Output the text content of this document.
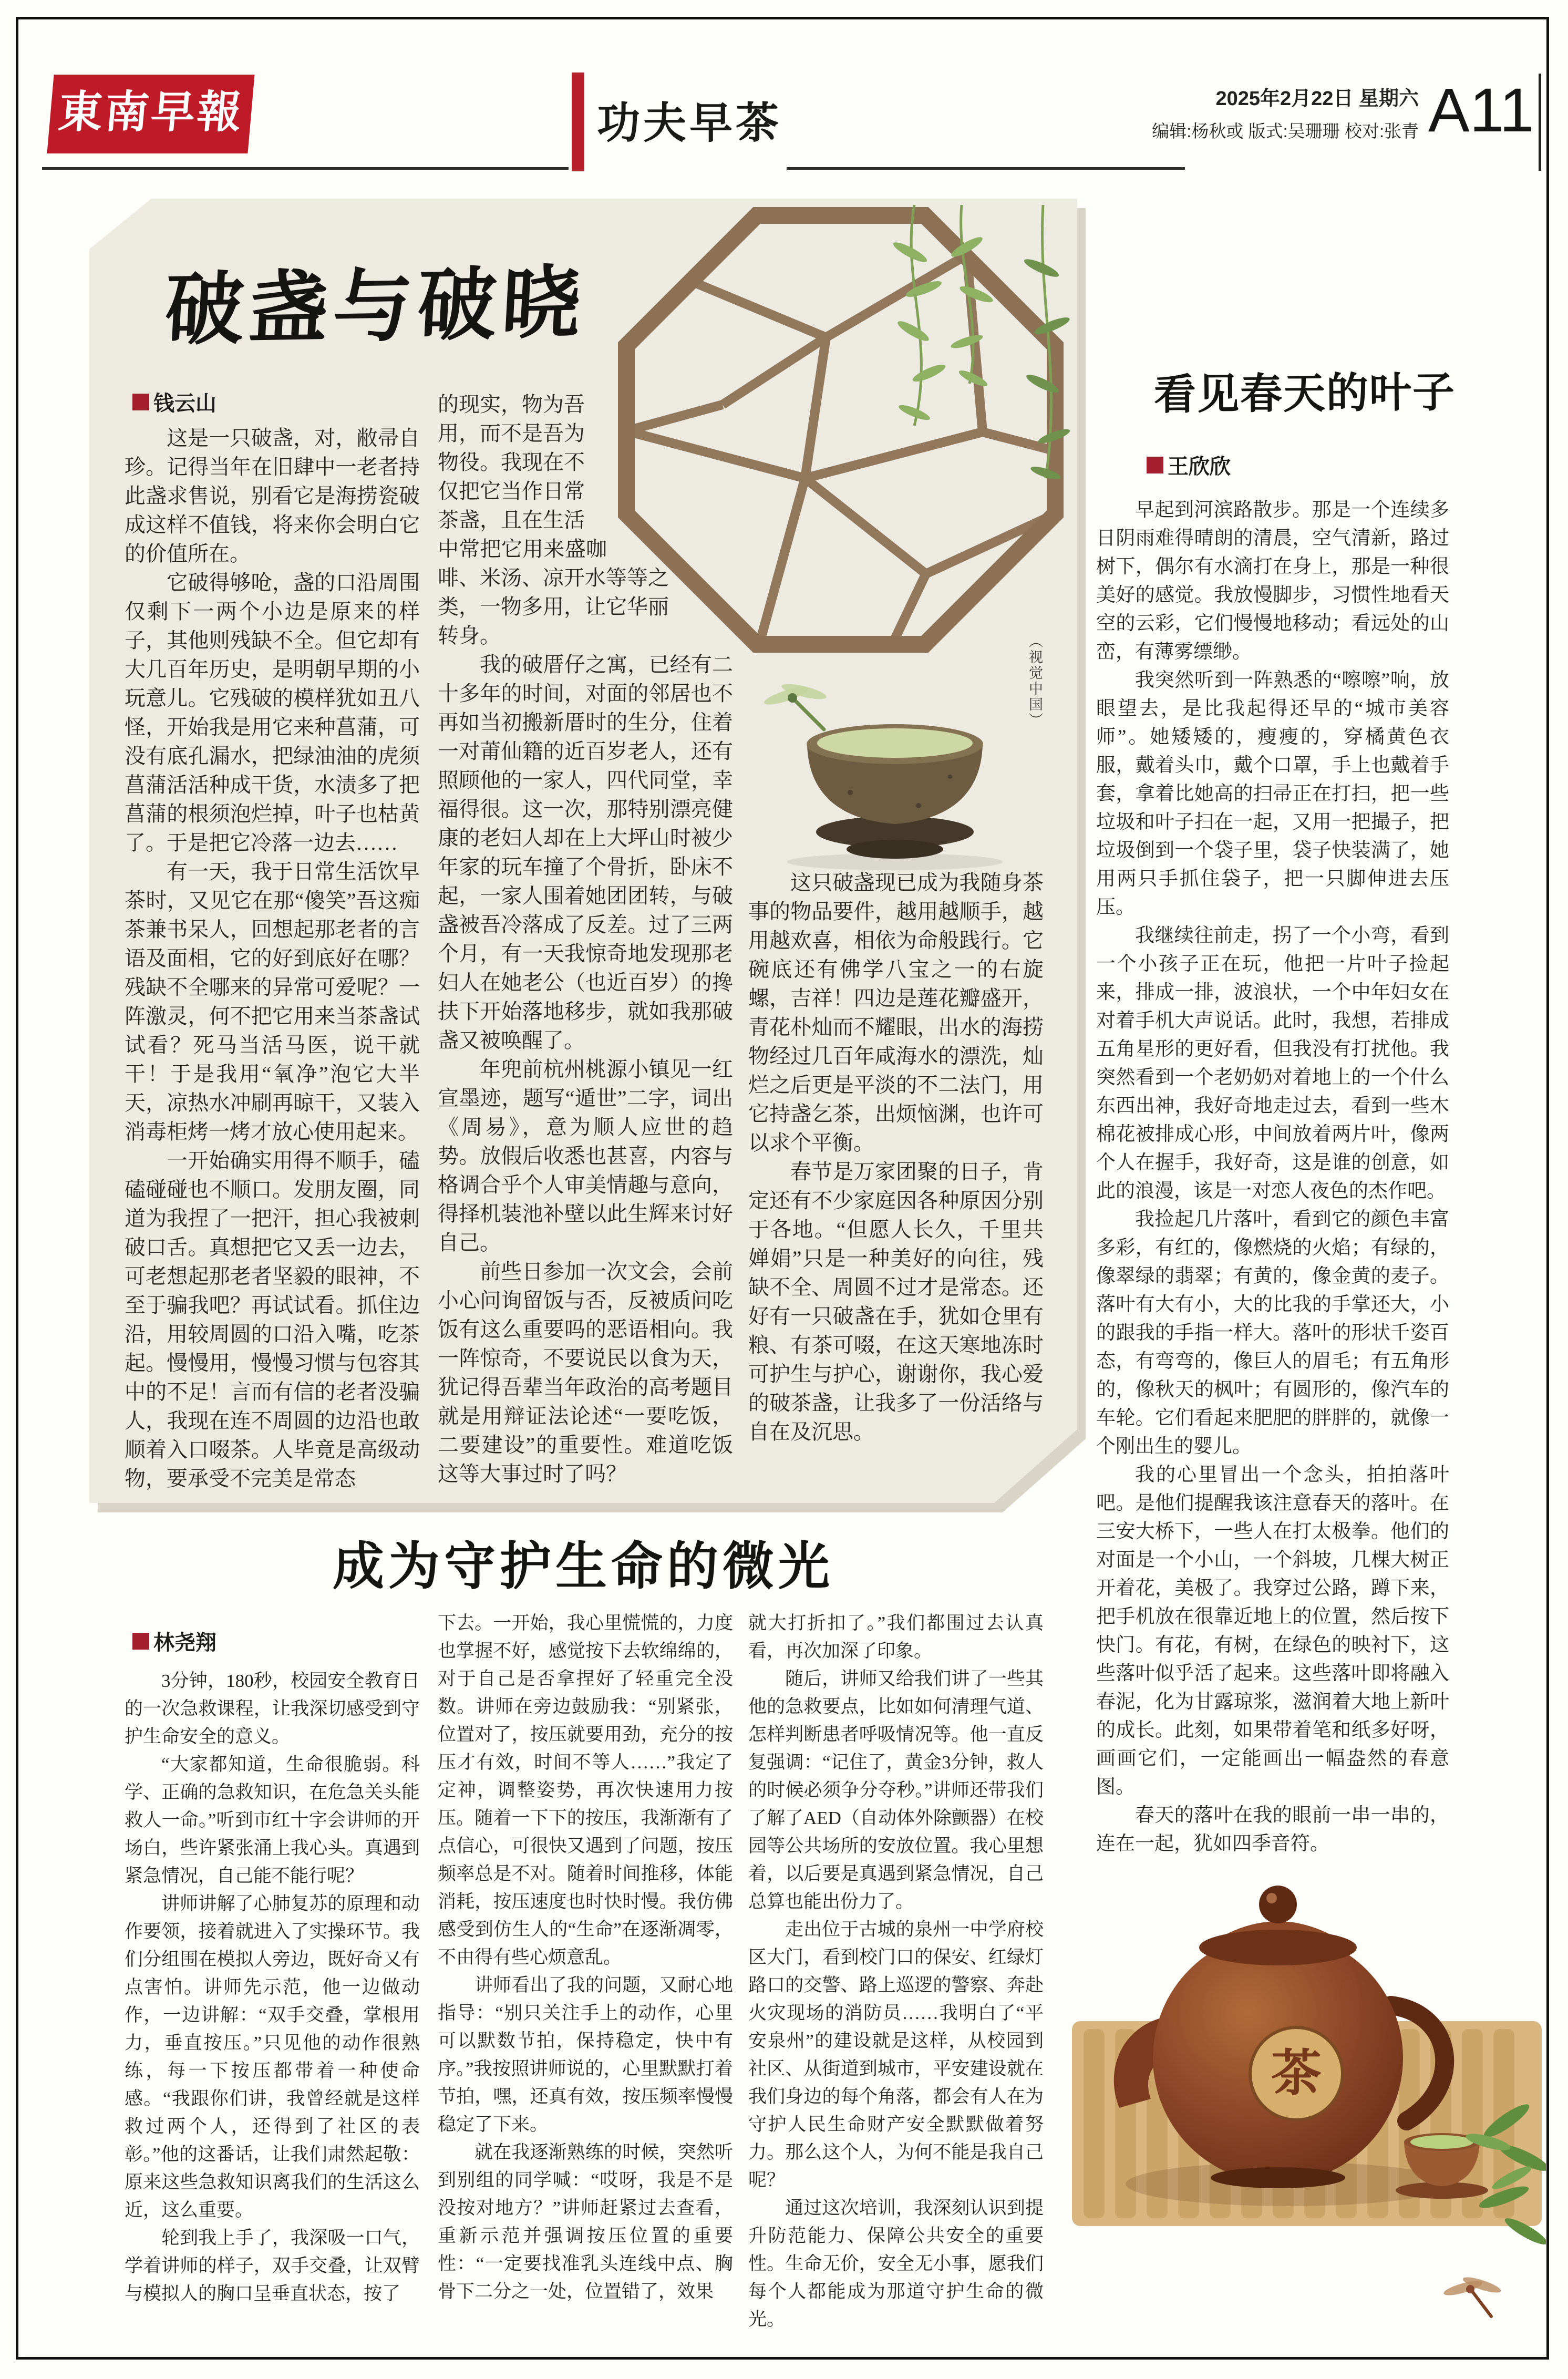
東南早報	功夫早茶
2025年2月22日 星期六
编辑:杨秋或 版式:吴珊珊 校对:张青 A11
破盏与破晓
钱云山
（视觉中国）

这是一只破盏，对，敝帚自珍。记得当年在旧肆中一老者持此盏求售说，别看它是海捞瓷破成这样不值钱，将来你会明白它的价值所在。

它破得够呛，盏的口沿周围仅剩下一两个小边是原来的样子，其他则残缺不全。但它却有大几百年历史，是明朝早期的小玩意儿。它残破的模样犹如丑八怪，开始我是用它来种菖蒲，可没有底孔漏水，把绿油油的虎须菖蒲活活种成干货，水渍多了把菖蒲的根须泡烂掉，叶子也枯黄了。于是把它冷落一边去……

有一天，我于日常生活饮早茶时，又见它在那“傻笑”吾这痴茶兼书呆人，回想起那老者的言语及面相，它的好到底好在哪？残缺不全哪来的异常可爱呢？一阵激灵，何不把它用来当茶盏试试看？死马当活马医，说干就干！于是我用“氧净”泡它大半天，凉热水冲刷再晾干，又装入消毒柜烤一烤才放心使用起来。

一开始确实用得不顺手，磕磕碰碰也不顺口。发朋友圈，同道为我捏了一把汗，担心我被刺破口舌。真想把它又丢一边去，可老想起那老者坚毅的眼神，不至于骗我吧？再试试看。抓住边沿，用较周圆的口沿入嘴，吃茶起。慢慢用，慢慢习惯与包容其中的不足！言而有信的老者没骗人，我现在连不周圆的边沿也敢顺着入口啜茶。人毕竟是高级动物，要承受不完美是常态

的现实，物为吾用，而不是吾为物役。我现在不仅把它当作日常茶盏，且在生活中常把它用来盛咖啡、米汤、凉开水等等之类，一物多用，让它华丽转身。

我的破厝仔之寓，已经有二十多年的时间，对面的邻居也不再如当初搬新厝时的生分，住着一对莆仙籍的近百岁老人，还有照顾他的一家人，四代同堂，幸福得很。这一次，那特别漂亮健康的老妇人却在上大坪山时被少年家的玩车撞了个骨折，卧床不起，一家人围着她团团转，与破盏被吾冷落成了反差。过了三两个月，有一天我惊奇地发现那老妇人在她老公（也近百岁）的搀扶下开始落地移步，就如我那破盏又被唤醒了。

年兜前杭州桃源小镇见一红宣墨迹，题写“遁世”二字，词出《周易》，意为顺人应世的趋势。放假后收悉也甚喜，内容与格调合乎个人审美情趣与意向，得择机装池补壁以此生辉来讨好自己。

前些日参加一次文会，会前小心问询留饭与否，反被质问吃饭有这么重要吗的恶语相向。我一阵惊奇，不要说民以食为天，犹记得吾辈当年政治的高考题目就是用辩证法论述“一要吃饭，二要建设”的重要性。难道吃饭这等大事过时了吗？

这只破盏现已成为我随身茶事的物品要件，越用越顺手，越用越欢喜，相依为命般践行。它碗底还有佛学八宝之一的右旋螺，吉祥！四边是莲花瓣盛开，青花朴灿而不耀眼，出水的海捞物经过几百年咸海水的漂洗，灿烂之后更是平淡的不二法门，用它持盏乞茶，出烦恼渊，也许可以求个平衡。

春节是万家团聚的日子，肯定还有不少家庭因各种原因分别于各地。“但愿人长久，千里共婵娟”只是一种美好的向往，残缺不全、周圆不过才是常态。还好有一只破盏在手，犹如仓里有粮、有茶可啜，在这天寒地冻时可护生与护心，谢谢你，我心爱的破茶盏，让我多了一份活络与自在及沉思。

看见春天的叶子
王欣欣

早起到河滨路散步。那是一个连续多日阴雨难得晴朗的清晨，空气清新，路过树下，偶尔有水滴打在身上，那是一种很美好的感觉。我放慢脚步，习惯性地看天空的云彩，它们慢慢地移动；看远处的山峦，有薄雾缥缈。

我突然听到一阵熟悉的“嚓嚓”响，放眼望去，是比我起得还早的“城市美容师”。她矮矮的，瘦瘦的，穿橘黄色衣服，戴着头巾，戴个口罩，手上也戴着手套，拿着比她高的扫帚正在打扫，把一些垃圾和叶子扫在一起，又用一把撮子，把垃圾倒到一个袋子里，袋子快装满了，她用两只手抓住袋子，把一只脚伸进去压压。

我继续往前走，拐了一个小弯，看到一个小孩子正在玩，他把一片叶子捡起来，排成一排，波浪状，一个中年妇女在对着手机大声说话。此时，我想，若排成五角星形的更好看，但我没有打扰他。我突然看到一个老奶奶对着地上的一个什么东西出神，我好奇地走过去，看到一些木棉花被排成心形，中间放着两片叶，像两个人在握手，我好奇，这是谁的创意，如此的浪漫，该是一对恋人夜色的杰作吧。

我捡起几片落叶，看到它的颜色丰富多彩，有红的，像燃烧的火焰；有绿的，像翠绿的翡翠；有黄的，像金黄的麦子。落叶有大有小，大的比我的手掌还大，小的跟我的手指一样大。落叶的形状千姿百态，有弯弯的，像巨人的眉毛；有五角形的，像秋天的枫叶；有圆形的，像汽车的车轮。它们看起来肥肥的胖胖的，就像一个刚出生的婴儿。

我的心里冒出一个念头，拍拍落叶吧。是他们提醒我该注意春天的落叶。在三安大桥下，一些人在打太极拳。他们的对面是一个小山，一个斜坡，几棵大树正开着花，美极了。我穿过公路，蹲下来，把手机放在很靠近地上的位置，然后按下快门。有花，有树，在绿色的映衬下，这些落叶似乎活了起来。这些落叶即将融入春泥，化为甘露琼浆，滋润着大地上新叶的成长。此刻，如果带着笔和纸多好呀，画画它们，一定能画出一幅盎然的春意图。

春天的落叶在我的眼前一串一串的，连在一起，犹如四季音符。

茶
成为守护生命的微光
林尧翔

3分钟，180秒，校园安全教育日的一次急救课程，让我深切感受到守护生命安全的意义。

“大家都知道，生命很脆弱。科学、正确的急救知识，在危急关头能救人一命。”听到市红十字会讲师的开场白，些许紧张涌上我心头。真遇到紧急情况，自己能不能行呢？

讲师讲解了心肺复苏的原理和动作要领，接着就进入了实操环节。我们分组围在模拟人旁边，既好奇又有点害怕。讲师先示范，他一边做动作，一边讲解：“双手交叠，掌根用力，垂直按压。”只见他的动作很熟练，每一下按压都带着一种使命感。“我跟你们讲，我曾经就是这样救过两个人，还得到了社区的表彰。”他的这番话，让我们肃然起敬：原来这些急救知识离我们的生活这么近，这么重要。

轮到我上手了，我深吸一口气，学着讲师的样子，双手交叠，让双臂与模拟人的胸口呈垂直状态，按了

下去。一开始，我心里慌慌的，力度也掌握不好，感觉按下去软绵绵的，对于自己是否拿捏好了轻重完全没数。讲师在旁边鼓励我：“别紧张，位置对了，按压就要用劲，充分的按压才有效，时间不等人……”我定了定神，调整姿势，再次快速用力按压。随着一下下的按压，我渐渐有了点信心，可很快又遇到了问题，按压频率总是不对。随着时间推移，体能消耗，按压速度也时快时慢。我仿佛感受到仿生人的“生命”在逐渐凋零，不由得有些心烦意乱。

讲师看出了我的问题，又耐心地指导：“别只关注手上的动作，心里可以默数节拍，保持稳定，快中有序。”我按照讲师说的，心里默默打着节拍，嘿，还真有效，按压频率慢慢稳定了下来。

就在我逐渐熟练的时候，突然听到别组的同学喊：“哎呀，我是不是没按对地方？”讲师赶紧过去查看，重新示范并强调按压位置的重要性：“一定要找准乳头连线中点、胸骨下二分之一处，位置错了，效果

就大打折扣了。”我们都围过去认真看，再次加深了印象。

随后，讲师又给我们讲了一些其他的急救要点，比如如何清理气道、怎样判断患者呼吸情况等。他一直反复强调：“记住了，黄金3分钟，救人的时候必须争分夺秒。”讲师还带我们了解了AED（自动体外除颤器）在校园等公共场所的安放位置。我心里想着，以后要是真遇到紧急情况，自己总算也能出份力了。

走出位于古城的泉州一中学府校区大门，看到校门口的保安、红绿灯路口的交警、路上巡逻的警察、奔赴火灾现场的消防员……我明白了“平安泉州”的建设就是这样，从校园到社区、从街道到城市，平安建设就在我们身边的每个角落，都会有人在为守护人民生命财产安全默默做着努力。那么这个人，为何不能是我自己呢？

通过这次培训，我深刻认识到提升防范能力、保障公共安全的重要性。生命无价，安全无小事，愿我们每个人都能成为那道守护生命的微光。
